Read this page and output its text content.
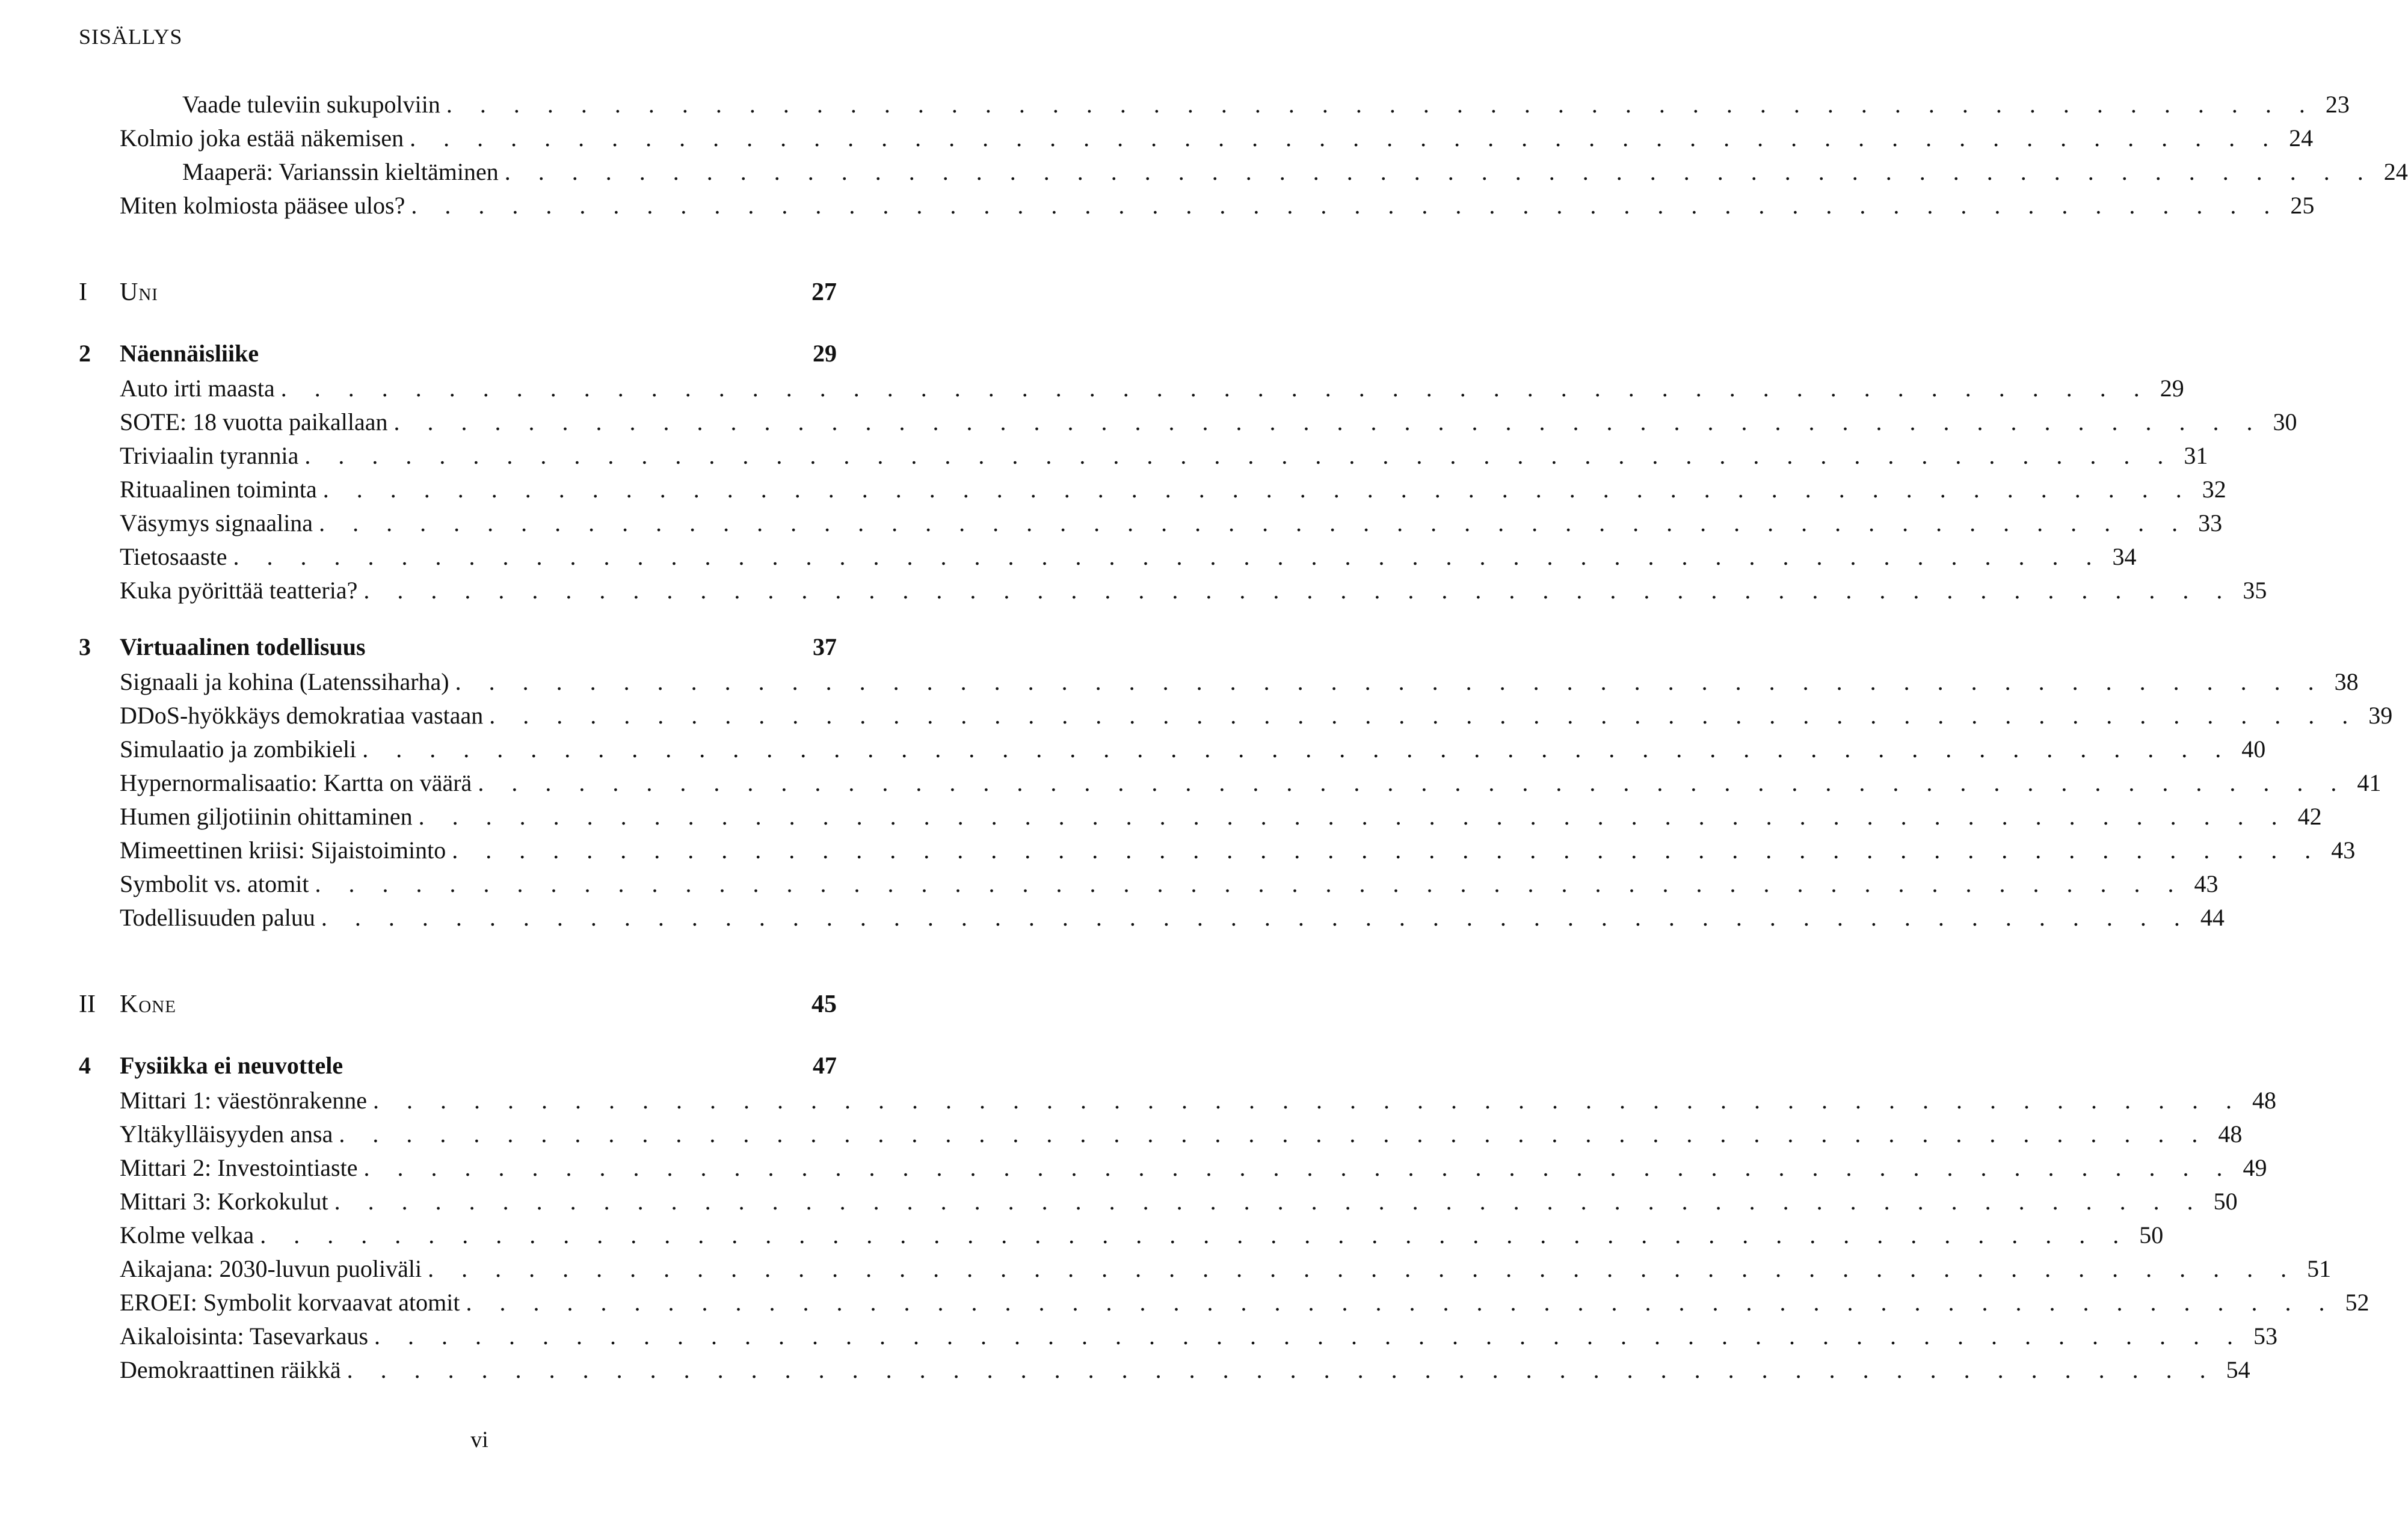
SISÄLLYS
Vaade tuleviin sukupolviin . . . . . . . . . . . . . . . . . . . . . . . . . . . . . . . . . . . . . . . . . . . . . . . . . . . . . . . . 23
Kolmio joka estää näkemisen . . . . . . . . . . . . . . . . . . . . . . . . . . . . . . . . . . . . . . . . . . . . . . . . . . . . . . . . 24
Maaperä: Varianssin kieltäminen . . . . . . . . . . . . . . . . . . . . . . . . . . . . . . . . . . . . . . . . . . . . . . . . . . . . . . . . 24
Miten kolmiosta pääsee ulos? . . . . . . . . . . . . . . . . . . . . . . . . . . . . . . . . . . . . . . . . . . . . . . . . . . . . . . . . 25
I	Uni	27
2	Näennäisliike	29
Auto irti maasta . . . . . . . . . . . . . . . . . . . . . . . . . . . . . . . . . . . . . . . . . . . . . . . . . . . . . . . . 29
SOTE: 18 vuotta paikallaan . . . . . . . . . . . . . . . . . . . . . . . . . . . . . . . . . . . . . . . . . . . . . . . . . . . . . . . . 30
Triviaalin tyrannia . . . . . . . . . . . . . . . . . . . . . . . . . . . . . . . . . . . . . . . . . . . . . . . . . . . . . . . . 31
Rituaalinen toiminta . . . . . . . . . . . . . . . . . . . . . . . . . . . . . . . . . . . . . . . . . . . . . . . . . . . . . . . . 32
Väsymys signaalina . . . . . . . . . . . . . . . . . . . . . . . . . . . . . . . . . . . . . . . . . . . . . . . . . . . . . . . . 33
Tietosaaste . . . . . . . . . . . . . . . . . . . . . . . . . . . . . . . . . . . . . . . . . . . . . . . . . . . . . . . . 34
Kuka pyörittää teatteria? . . . . . . . . . . . . . . . . . . . . . . . . . . . . . . . . . . . . . . . . . . . . . . . . . . . . . . . . 35
3	Virtuaalinen todellisuus	37
Signaali ja kohina (Latenssiharha) . . . . . . . . . . . . . . . . . . . . . . . . . . . . . . . . . . . . . . . . . . . . . . . . . . . . . . . . 38
DDoS-hyökkäys demokratiaa vastaan . . . . . . . . . . . . . . . . . . . . . . . . . . . . . . . . . . . . . . . . . . . . . . . . . . . . . . . . 39
Simulaatio ja zombikieli . . . . . . . . . . . . . . . . . . . . . . . . . . . . . . . . . . . . . . . . . . . . . . . . . . . . . . . . 40
Hypernormalisaatio: Kartta on väärä . . . . . . . . . . . . . . . . . . . . . . . . . . . . . . . . . . . . . . . . . . . . . . . . . . . . . . . . 41
Humen giljotiinin ohittaminen . . . . . . . . . . . . . . . . . . . . . . . . . . . . . . . . . . . . . . . . . . . . . . . . . . . . . . . . 42
Mimeettinen kriisi: Sijaistoiminto . . . . . . . . . . . . . . . . . . . . . . . . . . . . . . . . . . . . . . . . . . . . . . . . . . . . . . . . 43
Symbolit vs. atomit . . . . . . . . . . . . . . . . . . . . . . . . . . . . . . . . . . . . . . . . . . . . . . . . . . . . . . . . 43
Todellisuuden paluu . . . . . . . . . . . . . . . . . . . . . . . . . . . . . . . . . . . . . . . . . . . . . . . . . . . . . . . . 44
II Kone	45
4	Fysiikka ei neuvottele	47
Mittari 1: väestönrakenne . . . . . . . . . . . . . . . . . . . . . . . . . . . . . . . . . . . . . . . . . . . . . . . . . . . . . . . . 48
Yltäkylläisyyden ansa . . . . . . . . . . . . . . . . . . . . . . . . . . . . . . . . . . . . . . . . . . . . . . . . . . . . . . . . 48
Mittari 2: Investointiaste . . . . . . . . . . . . . . . . . . . . . . . . . . . . . . . . . . . . . . . . . . . . . . . . . . . . . . . . 49
Mittari 3: Korkokulut . . . . . . . . . . . . . . . . . . . . . . . . . . . . . . . . . . . . . . . . . . . . . . . . . . . . . . . . 50
Kolme velkaa . . . . . . . . . . . . . . . . . . . . . . . . . . . . . . . . . . . . . . . . . . . . . . . . . . . . . . . . 50
Aikajana: 2030-luvun puoliväli . . . . . . . . . . . . . . . . . . . . . . . . . . . . . . . . . . . . . . . . . . . . . . . . . . . . . . . . 51
EROEI: Symbolit korvaavat atomit . . . . . . . . . . . . . . . . . . . . . . . . . . . . . . . . . . . . . . . . . . . . . . . . . . . . . . . . 52
Aikaloisinta: Tasevarkaus . . . . . . . . . . . . . . . . . . . . . . . . . . . . . . . . . . . . . . . . . . . . . . . . . . . . . . . . 53
Demokraattinen räikkä . . . . . . . . . . . . . . . . . . . . . . . . . . . . . . . . . . . . . . . . . . . . . . . . . . . . . . . . 54
vi
